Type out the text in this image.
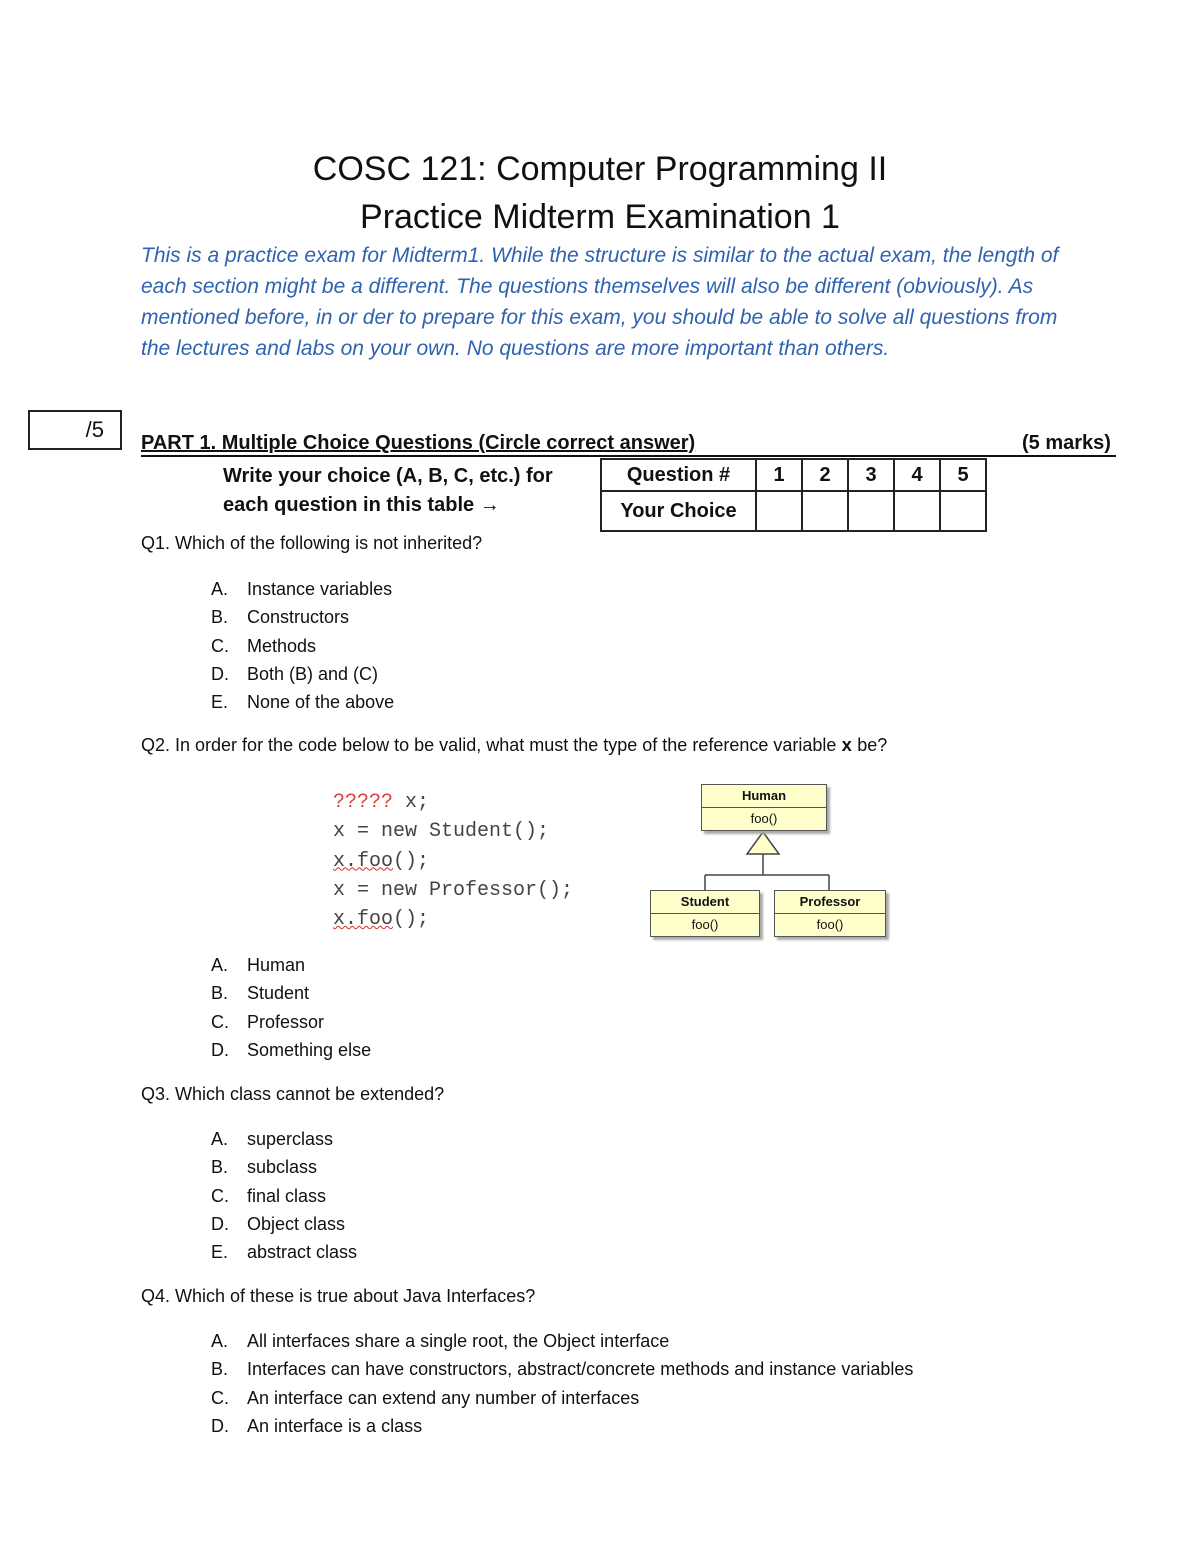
COSC 121: Computer Programming II
Practice Midterm Examination 1
This is a practice exam for Midterm1. While the structure is similar to the actual exam, the length of each section might be a different. The questions themselves will also be different (obviously). As mentioned before, in or der to prepare for this exam, you should be able to solve all questions from the lectures and labs on your own. No questions are more important than others.
/5
PART 1. Multiple Choice Questions (Circle correct answer)	(5 marks)
Write your choice (A, B, C, etc.) for
each question in this table →
Question #	1	2	3	4	5
Your Choice					
Q1. Which of the following is not inherited?
A. Instance variables
B. Constructors
C. Methods
D. Both (B) and (C)
E. None of the above
Q2. In order for the code below to be valid, what must the type of the reference variable x be?
????? x;
x = new Student();
x.foo();
x = new Professor();
x.foo();
Human
foo()
Student
foo()
Professor
foo()
A. Human
B. Student
C. Professor
D. Something else
Q3. Which class cannot be extended?
A. superclass
B. subclass
C. final class
D. Object class
E. abstract class
Q4. Which of these is true about Java Interfaces?
A. All interfaces share a single root, the Object interface
B. Interfaces can have constructors, abstract/concrete methods and instance variables
C. An interface can extend any number of interfaces
D. An interface is a class
